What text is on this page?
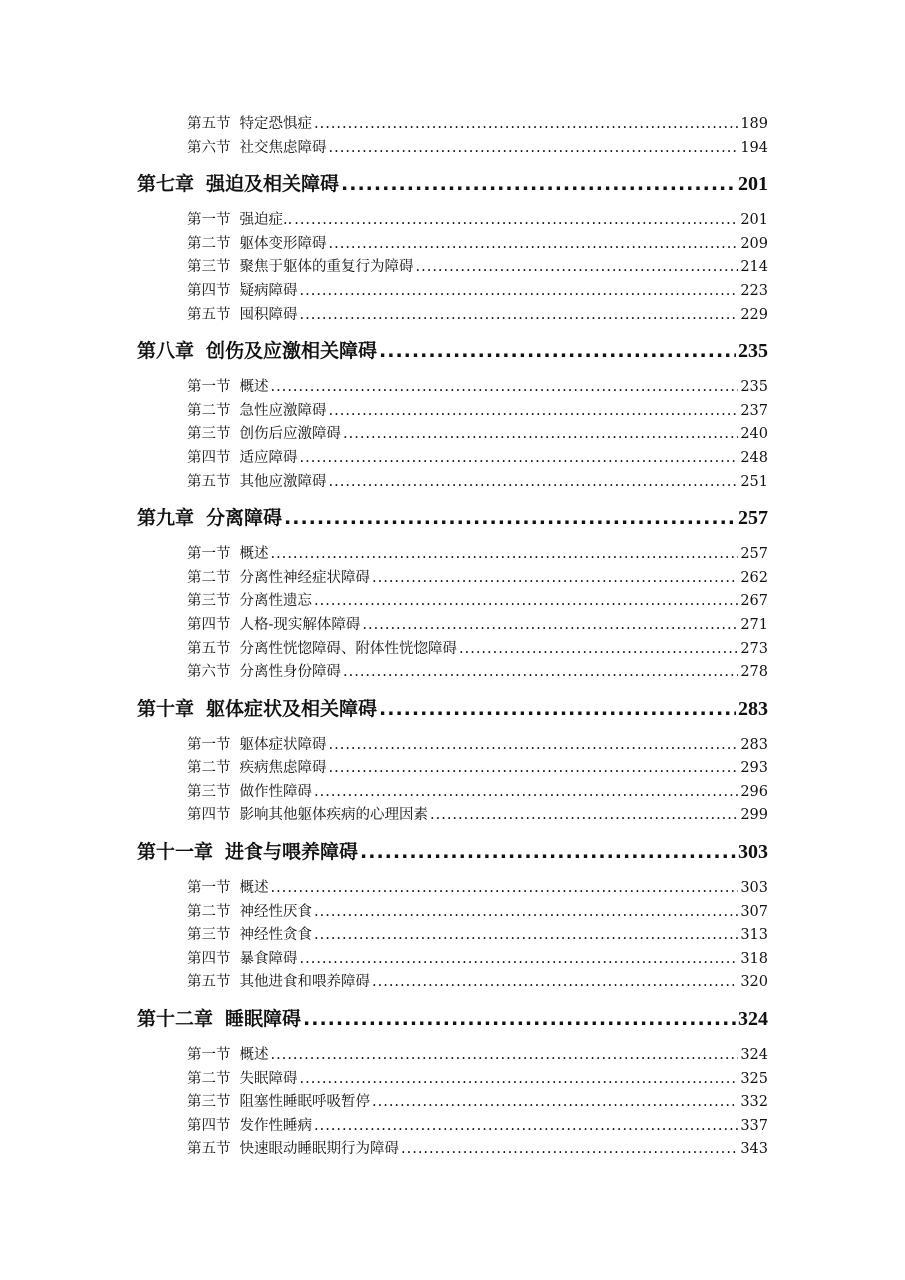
第五节 特定恐惧症 .....	189
第六节 社交焦虑障碍 .....	194
第七章 强迫及相关障碍 .....	201
第一节 强迫症.. .....	201
第二节 躯体变形障碍 .....	209
第三节 聚焦于躯体的重复行为障碍 .....	214
第四节 疑病障碍 .....	223
第五节 囤积障碍 .....	229
第八章 创伤及应激相关障碍 .....	235
第一节 概述 .....	235
第二节 急性应激障碍 .....	237
第三节 创伤后应激障碍 .....	240
第四节 适应障碍 .....	248
第五节 其他应激障碍 .....	251
第九章 分离障碍 .....	257
第一节 概述 .....	257
第二节 分离性神经症状障碍 .....	262
第三节 分离性遗忘 .....	267
第四节 人格-现实解体障碍 .....	271
第五节 分离性恍惚障碍、附体性恍惚障碍 .....	273
第六节 分离性身份障碍 .....	278
第十章 躯体症状及相关障碍 .....	283
第一节 躯体症状障碍 .....	283
第二节 疾病焦虑障碍 .....	293
第三节 做作性障碍 .....	296
第四节 影响其他躯体疾病的心理因素 .....	299
第十一章 进食与喂养障碍 .....	303
第一节 概述 .....	303
第二节 神经性厌食 .....	307
第三节 神经性贪食 .....	313
第四节 暴食障碍 .....	318
第五节 其他进食和喂养障碍 .....	320
第十二章 睡眠障碍 .....	324
第一节 概述 .....	324
第二节 失眠障碍 .....	325
第三节 阻塞性睡眠呼吸暂停 .....	332
第四节 发作性睡病 .....	337
第五节 快速眼动睡眠期行为障碍 .....	343
